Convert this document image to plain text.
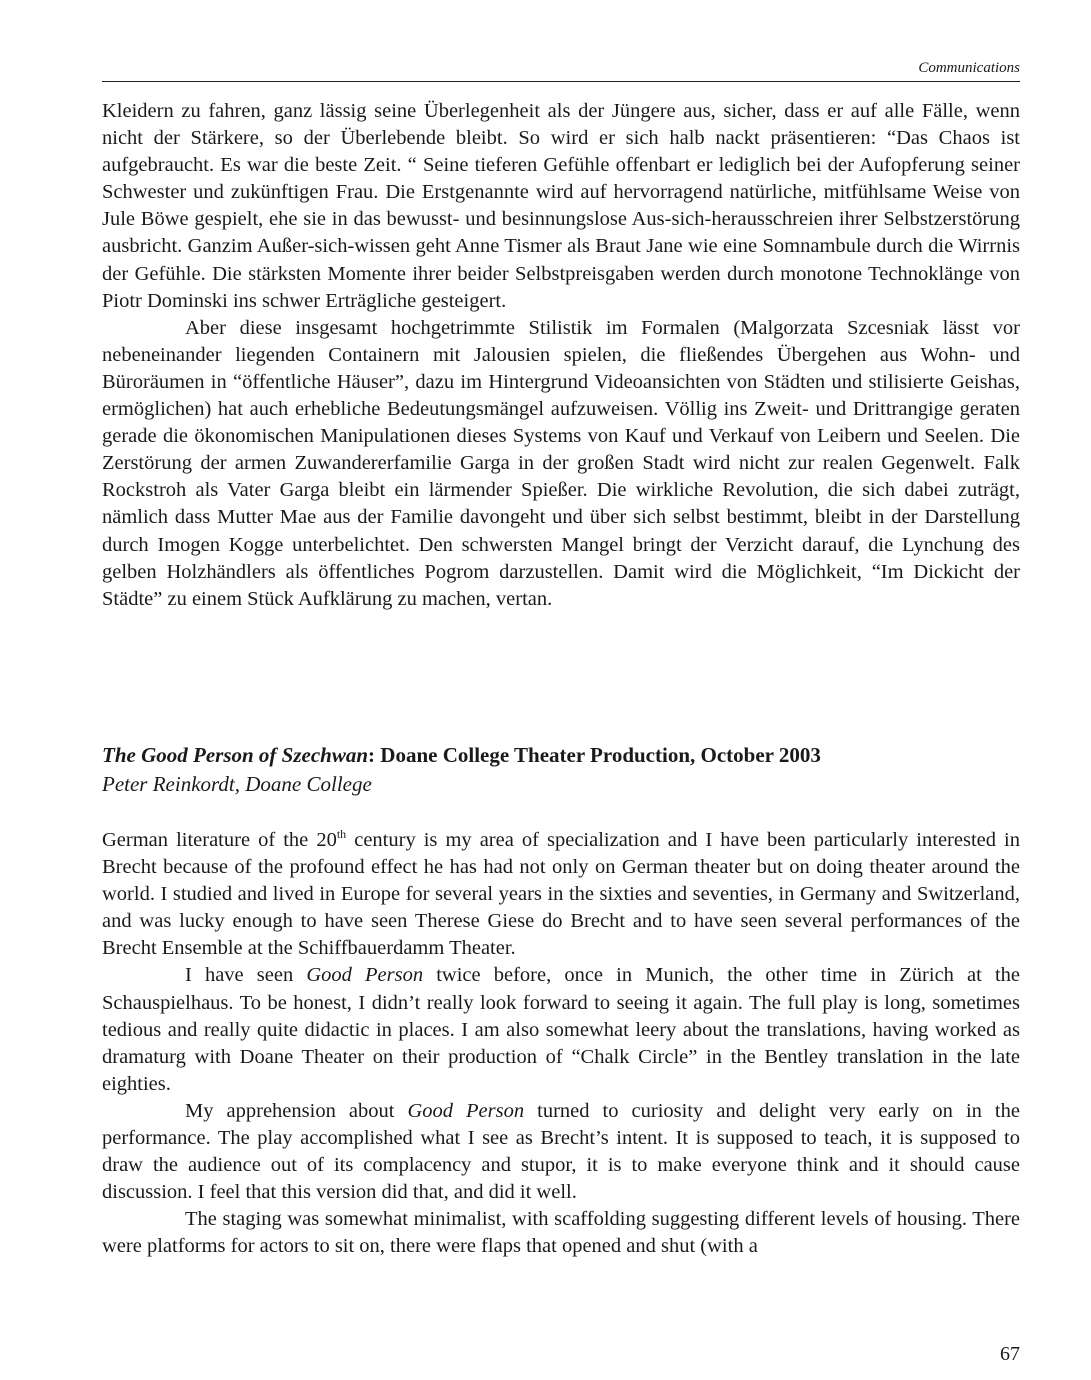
Communications

Kleidern zu fahren, ganz lässig seine Überlegenheit als der Jüngere aus, sicher, dass er auf alle Fälle, wenn nicht der Stärkere, so der Überlebende bleibt. So wird er sich halb nackt präsentieren: “Das Chaos ist aufgebraucht. Es war die beste Zeit. “ Seine tieferen Gefühle offenbart er lediglich bei der Aufopferung seiner Schwester und zukünftigen Frau. Die Erstgenannte wird auf hervorragend natürliche, mitfühlsame Weise von Jule Böwe gespielt, ehe sie in das bewusst- und besinnungslose Aus-sich-herausschreien ihrer Selbstzerstörung ausbricht. Ganzim Außer-sich-wissen geht Anne Tismer als Braut Jane wie eine Somnambule durch die Wirrnis der Gefühle. Die stärksten Momente ihrer beider Selbstpreisgaben werden durch monotone Technoklänge von Piotr Dominski ins schwer Erträgliche gesteigert.

Aber diese insgesamt hochgetrimmte Stilistik im Formalen (Malgorzata Szcesniak lässt vor nebeneinander liegenden Containern mit Jalousien spielen, die fließendes Übergehen aus Wohn- und Büroräumen in “öffentliche Häuser”, dazu im Hintergrund Videoansichten von Städten und stilisierte Geishas, ermöglichen) hat auch erhebliche Bedeutungsmängel aufzuweisen. Völlig ins Zweit- und Drittrangige geraten gerade die ökonomischen Manipulationen dieses Systems von Kauf und Verkauf von Leibern und Seelen. Die Zerstörung der armen Zuwandererfamilie Garga in der großen Stadt wird nicht zur realen Gegenwelt. Falk Rockstroh als Vater Garga bleibt ein lärmender Spießer. Die wirkliche Revolution, die sich dabei zuträgt, nämlich dass Mutter Mae aus der Familie davongeht und über sich selbst bestimmt, bleibt in der Darstellung durch Imogen Kogge unterbelichtet. Den schwersten Mangel bringt der Verzicht darauf, die Lynchung des gelben Holzhändlers als öffentliches Pogrom darzustellen. Damit wird die Möglichkeit, “Im Dickicht der Städte” zu einem Stück Aufklärung zu machen, vertan.

The Good Person of Szechwan: Doane College Theater Production, October 2003
Peter Reinkordt, Doane College

German literature of the 20th century is my area of specialization and I have been particularly interested in Brecht because of the profound effect he has had not only on German theater but on doing theater around the world. I studied and lived in Europe for several years in the sixties and seventies, in Germany and Switzerland, and was lucky enough to have seen Therese Giese do Brecht and to have seen several performances of the Brecht Ensemble at the Schiffbauerdamm Theater.

I have seen Good Person twice before, once in Munich, the other time in Zürich at the Schauspielhaus. To be honest, I didn’t really look forward to seeing it again. The full play is long, sometimes tedious and really quite didactic in places. I am also somewhat leery about the translations, having worked as dramaturg with Doane Theater on their production of “Chalk Circle” in the Bentley translation in the late eighties.

My apprehension about Good Person turned to curiosity and delight very early on in the performance. The play accomplished what I see as Brecht’s intent. It is supposed to teach, it is supposed to draw the audience out of its complacency and stupor, it is to make everyone think and it should cause discussion. I feel that this version did that, and did it well.

The staging was somewhat minimalist, with scaffolding suggesting different levels of housing. There were platforms for actors to sit on, there were flaps that opened and shut (with a

67
